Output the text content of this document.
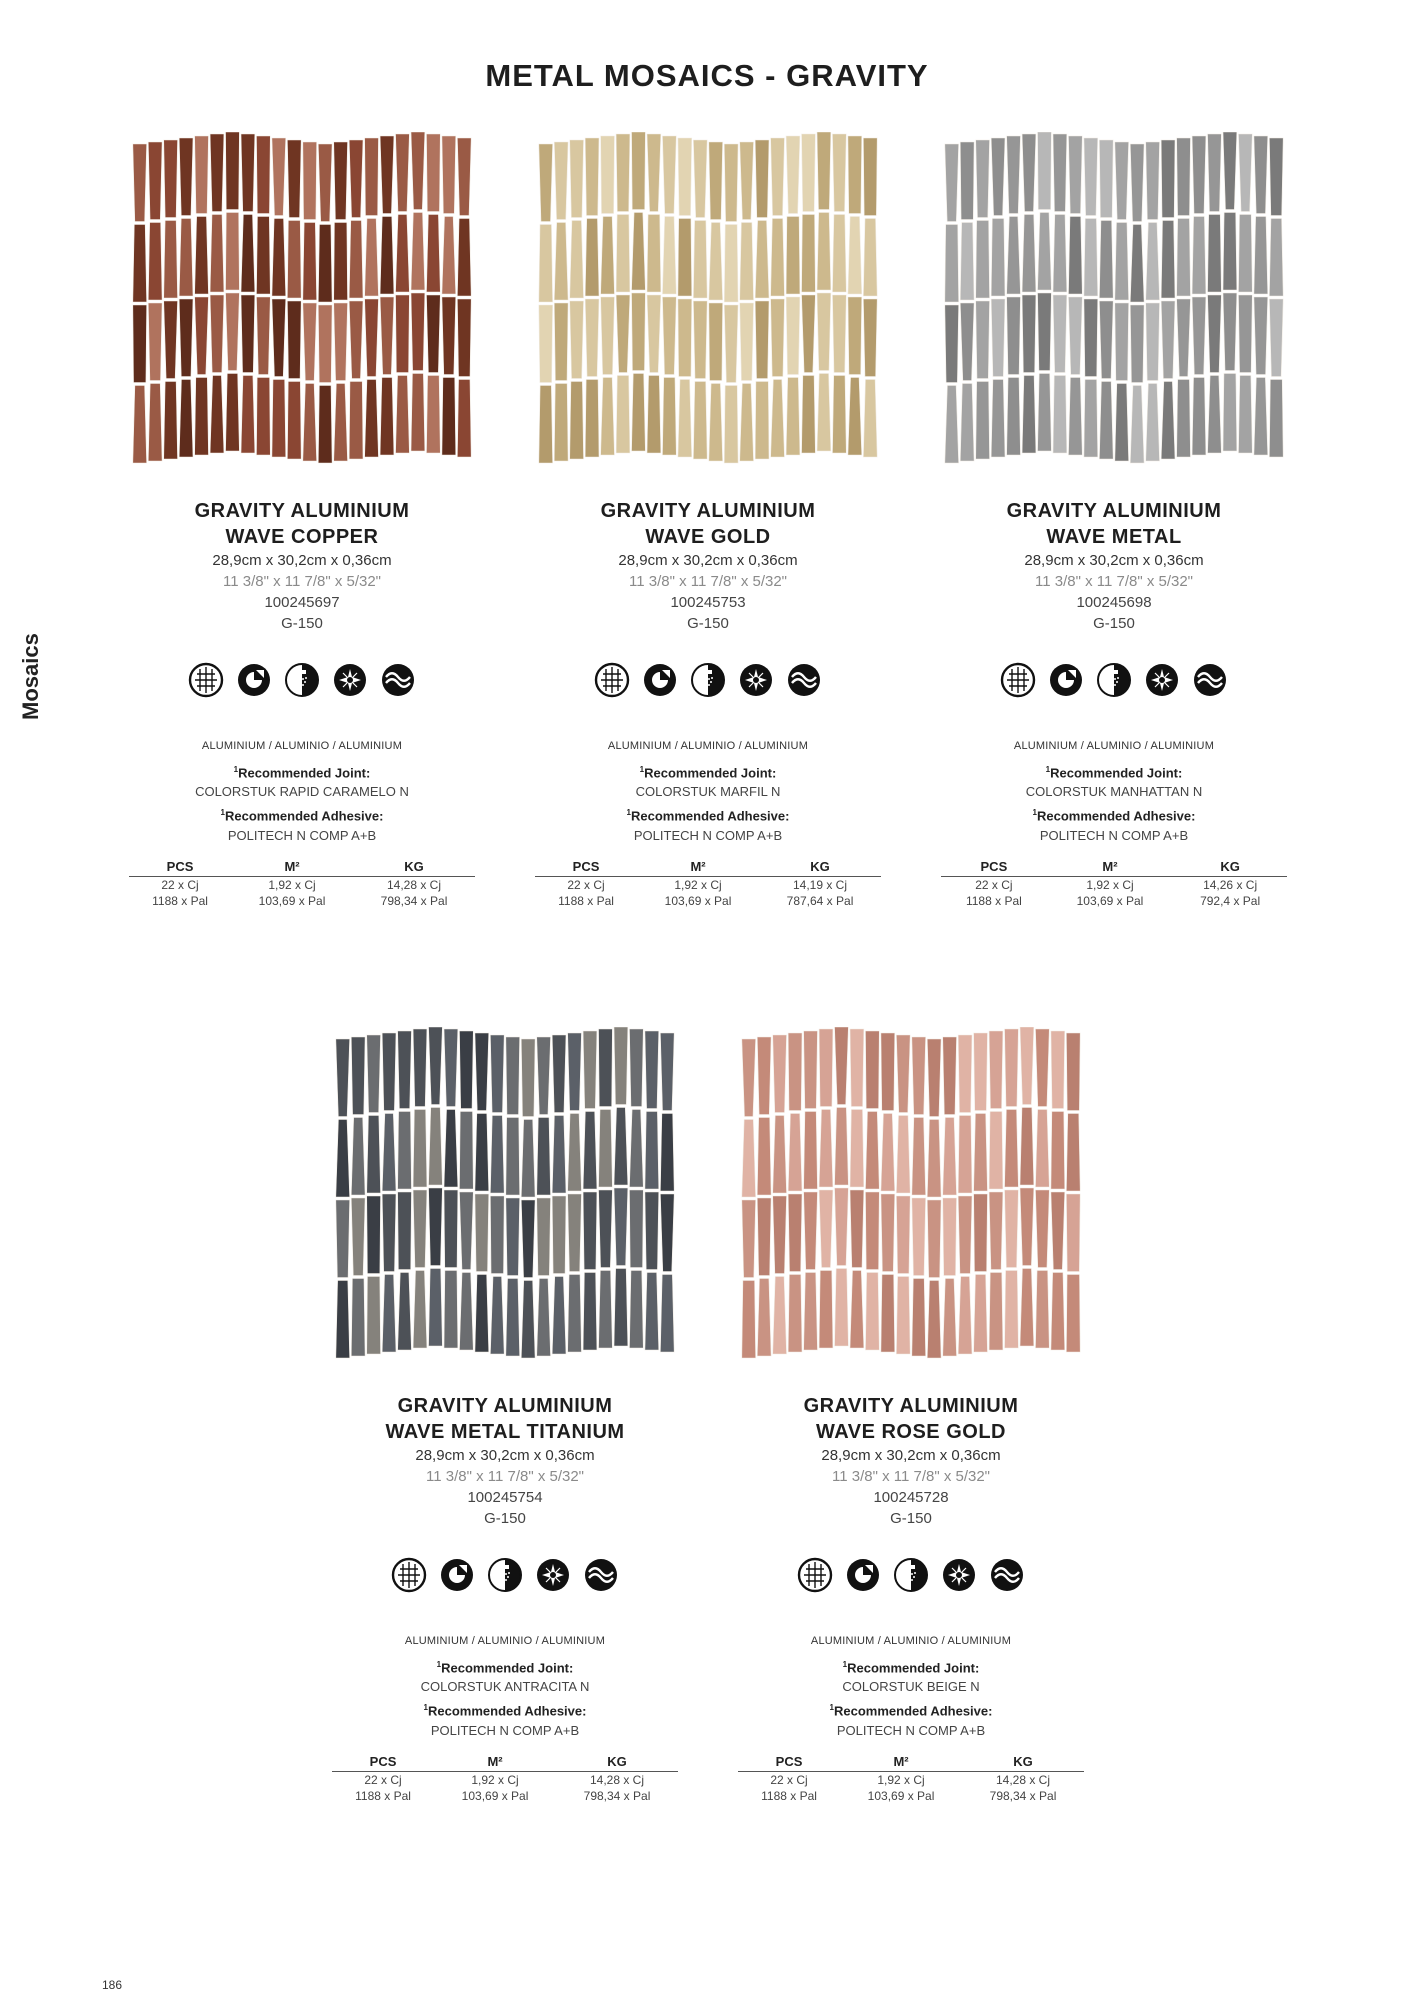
METAL MOSAICS - GRAVITY
Mosaics
186
GRAVITY ALUMINIUM
WAVE COPPER
28,9cm x 30,2cm x 0,36cm
11 3/8" x 11 7/8" x 5/32"
100245697
G-150
ALUMINIUM / ALUMINIO / ALUMINIUM
$^1$Recommended Joint:
COLORSTUK RAPID CARAMELO N
$^1$Recommended Adhesive:
POLITECH N COMP A+B
PCS	M²	KG
22 x Cj	1,92 x Cj	14,28 x Cj
1188 x Pal	103,69 x Pal	798,34 x Pal
GRAVITY ALUMINIUM
WAVE GOLD
28,9cm x 30,2cm x 0,36cm
11 3/8" x 11 7/8" x 5/32"
100245753
G-150
ALUMINIUM / ALUMINIO / ALUMINIUM
$^1$Recommended Joint:
COLORSTUK MARFIL N
$^1$Recommended Adhesive:
POLITECH N COMP A+B
PCS	M²	KG
22 x Cj	1,92 x Cj	14,19 x Cj
1188 x Pal	103,69 x Pal	787,64 x Pal
GRAVITY ALUMINIUM
WAVE METAL
28,9cm x 30,2cm x 0,36cm
11 3/8" x 11 7/8" x 5/32"
100245698
G-150
ALUMINIUM / ALUMINIO / ALUMINIUM
$^1$Recommended Joint:
COLORSTUK MANHATTAN N
$^1$Recommended Adhesive:
POLITECH N COMP A+B
PCS	M²	KG
22 x Cj	1,92 x Cj	14,26 x Cj
1188 x Pal	103,69 x Pal	792,4 x Pal
GRAVITY ALUMINIUM
WAVE METAL TITANIUM
28,9cm x 30,2cm x 0,36cm
11 3/8" x 11 7/8" x 5/32"
100245754
G-150
ALUMINIUM / ALUMINIO / ALUMINIUM
$^1$Recommended Joint:
COLORSTUK ANTRACITA N
$^1$Recommended Adhesive:
POLITECH N COMP A+B
PCS	M²	KG
22 x Cj	1,92 x Cj	14,28 x Cj
1188 x Pal	103,69 x Pal	798,34 x Pal
GRAVITY ALUMINIUM
WAVE ROSE GOLD
28,9cm x 30,2cm x 0,36cm
11 3/8" x 11 7/8" x 5/32"
100245728
G-150
ALUMINIUM / ALUMINIO / ALUMINIUM
$^1$Recommended Joint:
COLORSTUK BEIGE N
$^1$Recommended Adhesive:
POLITECH N COMP A+B
PCS	M²	KG
22 x Cj	1,92 x Cj	14,28 x Cj
1188 x Pal	103,69 x Pal	798,34 x Pal
